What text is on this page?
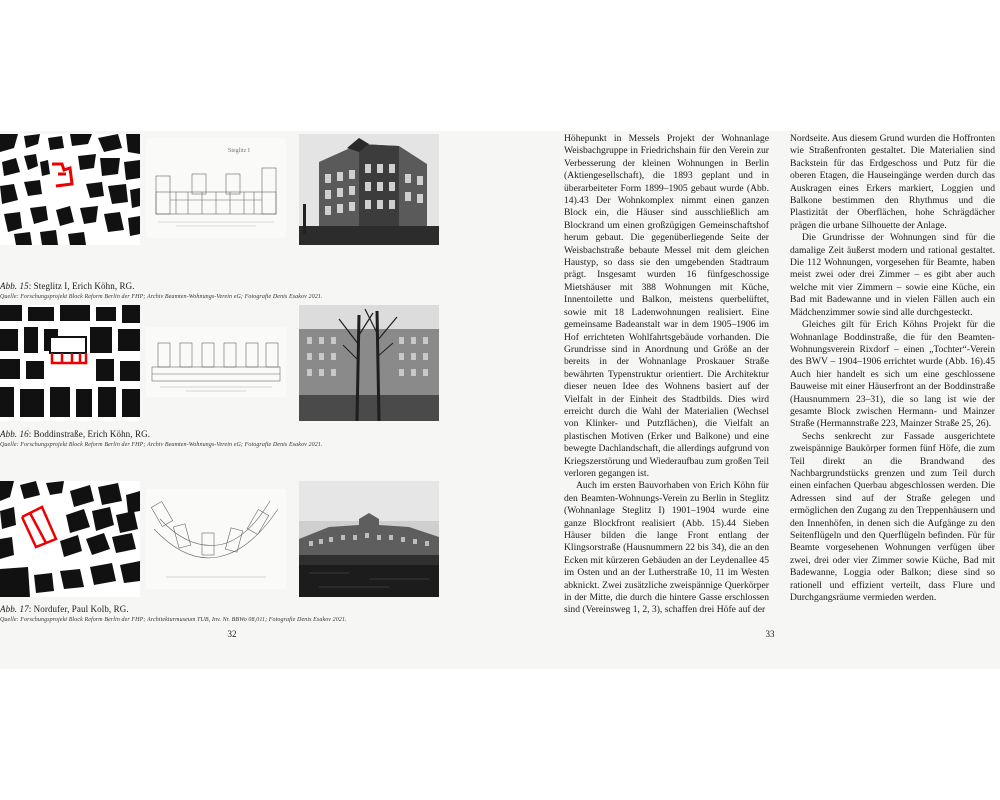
Steglitz I
Abb. 15: Steglitz I, Erich Köhn, RG.
Quelle: Forschungsprojekt Block Reform Berlin der FHP; Archiv Beamten-Wohnungs-Verein eG; Fotografie Denis Esakov 2021.
Abb. 16: Boddinstraße, Erich Köhn, RG.
Quelle: Forschungsprojekt Block Reform Berlin der FHP; Archiv Beamten-Wohnungs-Verein eG; Fotografie Denis Esakov 2021.
Abb. 17: Nordufer, Paul Kolb, RG.
Quelle: Forschungsprojekt Block Reform Berlin der FHP; Architekturmuseum TUB, Inv. Nr. BBWo 08,011; Fotografie Denis Esakov 2021.
32

Höhepunkt in Messels Projekt der Wohnanlage Weisbachgruppe in Friedrichshain für den Verein zur Verbesserung der kleinen Wohnungen in Berlin (Aktiengesellschaft), die 1893 geplant und in überarbeiteter Form 1899–1905 gebaut wurde (Abb. 14).43 Der Wohnkomplex nimmt einen ganzen Block ein, die Häuser sind ausschließlich am Blockrand um einen großzügigen Gemeinschaftshof herum gebaut. Die gegenüberliegende Seite der Weisbachstraße bebaute Messel mit dem gleichen Haustyp, so dass sie den umgebenden Stadtraum prägt. Insgesamt wurden 16 fünfgeschossige Mietshäuser mit 388 Wohnungen mit Küche, Innentoilette und Balkon, meistens querbelüftet, sowie mit 18 Ladenwohnungen realisiert. Eine gemeinsame Badeanstalt war in dem 1905–1906 im Hof errichteten Wohlfahrtsgebäude vorhanden. Die Grundrisse sind in Anordnung und Größe an der bereits in der Wohnanlage Proskauer Straße bewährten Typenstruktur orientiert. Die Architektur dieser neuen Idee des Wohnens basiert auf der Vielfalt in der Einheit des Stadtbilds. Dies wird erreicht durch die Wahl der Materialien (Wechsel von Klinker- und Putzflächen), die Vielfalt an plastischen Motiven (Erker und Balkone) und eine bewegte Dachlandschaft, die allerdings aufgrund von Kriegszerstörung und Wiederaufbau zum großen Teil verloren gegangen ist.

Auch im ersten Bauvorhaben von Erich Köhn für den Beamten-Wohnungs-Verein zu Berlin in Steglitz (Wohnanlage Steglitz I) 1901–1904 wurde eine ganze Blockfront realisiert (Abb. 15).44 Sieben Häuser bilden die lange Front entlang der Klingsorstraße (Hausnummern 22 bis 34), die an den Ecken mit kürzeren Gebäuden an der Leydenallee 45 im Osten und an der Lutherstraße 10, 11 im Westen abknickt. Zwei zusätzliche zweispännige Querkörper in der Mitte, die durch die hintere Gasse erschlossen sind (Vereinsweg 1, 2, 3), schaffen drei Höfe auf der

Nordseite. Aus diesem Grund wurden die Hoffronten wie Straßenfronten gestaltet. Die Materialien sind Backstein für das Erdgeschoss und Putz für die oberen Etagen, die Hauseingänge werden durch das Auskragen eines Erkers markiert, Loggien und Balkone bestimmen den Rhythmus und die Plastizität der Oberflächen, hohe Schrägdächer prägen die urbane Silhouette der Anlage.

Die Grundrisse der Wohnungen sind für die damalige Zeit äußerst modern und rational gestaltet. Die 112 Wohnungen, vorgesehen für Beamte, haben meist zwei oder drei Zimmer – es gibt aber auch welche mit vier Zimmern – sowie eine Küche, ein Bad mit Badewanne und in vielen Fällen auch ein Mädchenzimmer sowie sind alle durchgesteckt.

Gleiches gilt für Erich Köhns Projekt für die Wohnanlage Boddinstraße, die für den Beamten-Wohnungsverein Rixdorf – einen „Tochter“-Verein des BWV – 1904–1906 errichtet wurde (Abb. 16).45 Auch hier handelt es sich um eine geschlossene Bauweise mit einer Häuserfront an der Boddinstraße (Hausnummern 23–31), die so lang ist wie der gesamte Block zwischen Hermann- und Mainzer Straße (Hermannstraße 223, Mainzer Straße 25, 26).

Sechs senkrecht zur Fassade ausgerichtete zweispännige Baukörper formen fünf Höfe, die zum Teil direkt an die Brandwand des Nachbargrundstücks grenzen und zum Teil durch einen einfachen Querbau abgeschlossen werden. Die Adressen sind auf der Straße gelegen und ermöglichen den Zugang zu den Treppenhäusern und den Innenhöfen, in denen sich die Aufgänge zu den Seitenflügeln und den Querflügeln befinden. Für für Beamte vorgesehenen Wohnungen verfügen über zwei, drei oder vier Zimmer sowie Küche, Bad mit Badewanne, Loggia oder Balkon; diese sind so rationell und effizient verteilt, dass Flure und Durchgangsräume vermieden werden.

33
